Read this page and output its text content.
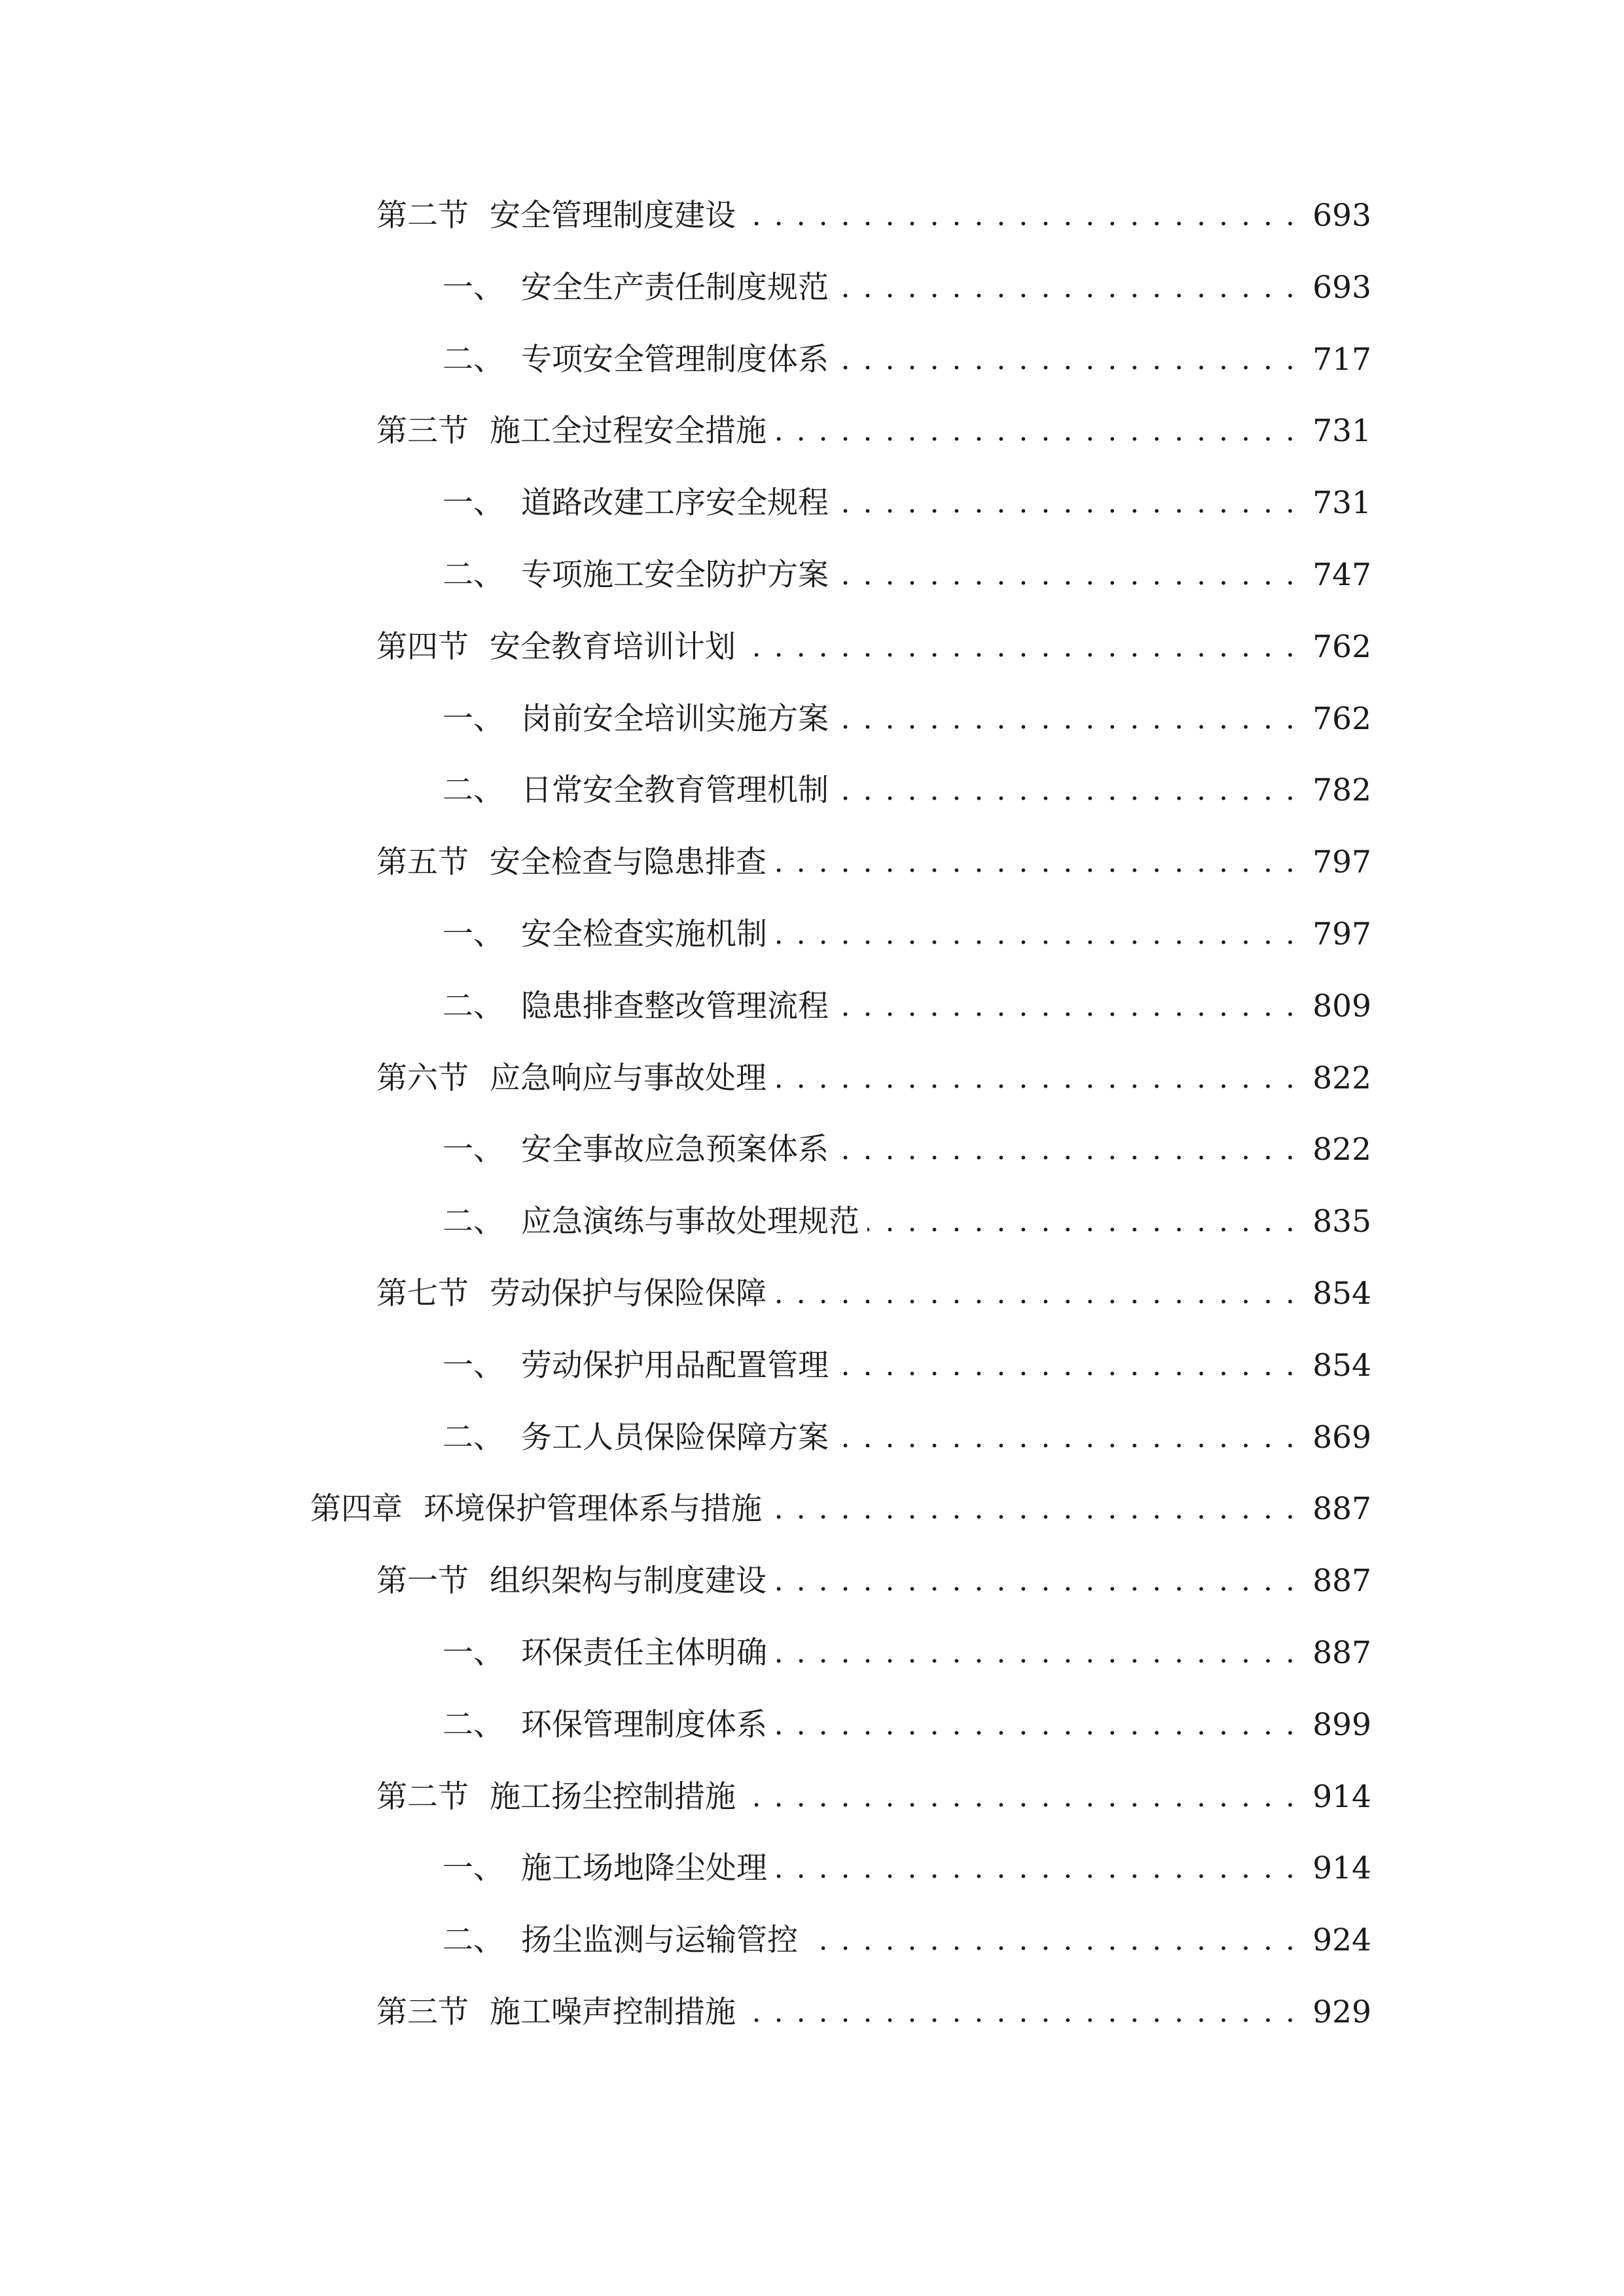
第二节 安全管理制度建设 . . .	693
一、 安全生产责任制度规范 . . .	693
二、 专项安全管理制度体系 . . .	717
第三节 施工全过程安全措施 . . .	731
一、 道路改建工序安全规程 . . .	731
二、 专项施工安全防护方案 . . .	747
第四节 安全教育培训计划 . . .	762
一、 岗前安全培训实施方案 . . .	762
二、 日常安全教育管理机制 . . .	782
第五节 安全检查与隐患排查 . . .	797
一、 安全检查实施机制 . . .	797
二、 隐患排查整改管理流程 . . .	809
第六节 应急响应与事故处理 . . .	822
一、 安全事故应急预案体系 . . .	822
二、 应急演练与事故处理规范 . . .	835
第七节 劳动保护与保险保障 . . .	854
一、 劳动保护用品配置管理 . . .	854
二、 务工人员保险保障方案 . . .	869
第四章 环境保护管理体系与措施 . . .	887
第一节 组织架构与制度建设 . . .	887
一、 环保责任主体明确 . . .	887
二、 环保管理制度体系 . . .	899
第二节 施工扬尘控制措施 . . .	914
一、 施工场地降尘处理 . . .	914
二、 扬尘监测与运输管控 . . .	924
第三节 施工噪声控制措施 . . .	929
